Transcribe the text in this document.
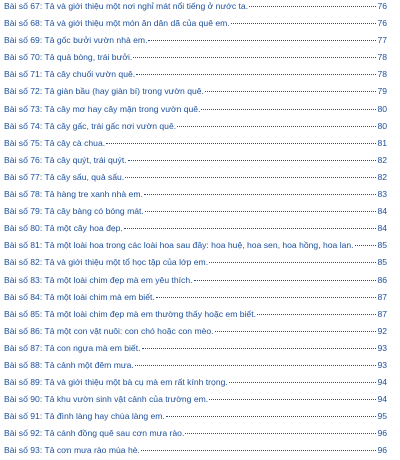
Bài số 67: Tả và giới thiệu một nơi nghỉ mát nổi tiếng ở nước ta.	76
Bài số 68: Tả và giới thiệu một món ăn dân dã của quê em.	76
Bài số 69: Tả gốc bưởi vườn nhà em.	77
Bài số 70: Tả quả bòng, trái bưởi.	78
Bài số 71: Tả cây chuối vườn quê.	78
Bài số 72: Tả giàn bầu (hay giàn bí) trong vườn quê.	79
Bài số 73: Tả cây mơ hay cây mận trong vườn quê.	80
Bài số 74: Tả cây gấc, trái gấc nơi vườn quê.	80
Bài số 75: Tả cây cà chua.	81
Bài số 76: Tả cây quýt, trái quýt.	82
Bài số 77: Tả cây sấu, quả sấu.	82
Bài số 78: Tả hàng tre xanh nhà em.	83
Bài số 79: Tả cây bàng có bóng mát.	84
Bài số 80: Tả một cây hoa đẹp.	84
Bài số 81: Tả một loài hoa trong các loài hoa sau đây: hoa huệ, hoa sen, hoa hồng, hoa lan.	85
Bài số 82: Tả và giới thiệu một tổ học tập của lớp em.	85
Bài số 83: Tả một loài chim đẹp mà em yêu thích.	86
Bài số 84: Tả một loài chim mà em biết.	87
Bài số 85: Tả một loài chim đẹp mà em thường thấy hoặc em biết.	87
Bài số 86: Tả một con vật nuôi: con chó hoặc con mèo.	92
Bài số 87: Tả con ngựa mà em biết.	93
Bài số 88: Tả cảnh một đêm mưa.	93
Bài số 89: Tả và giới thiệu một bà cụ mà em rất kính trọng.	94
Bài số 90: Tả khu vườn sinh vật cảnh của trường em.	94
Bài số 91: Tả đình làng hay chùa làng em.	95
Bài số 92: Tả cánh đồng quê sau cơn mưa rào.	96
Bài số 93: Tả cơn mưa rào mùa hè.	96
